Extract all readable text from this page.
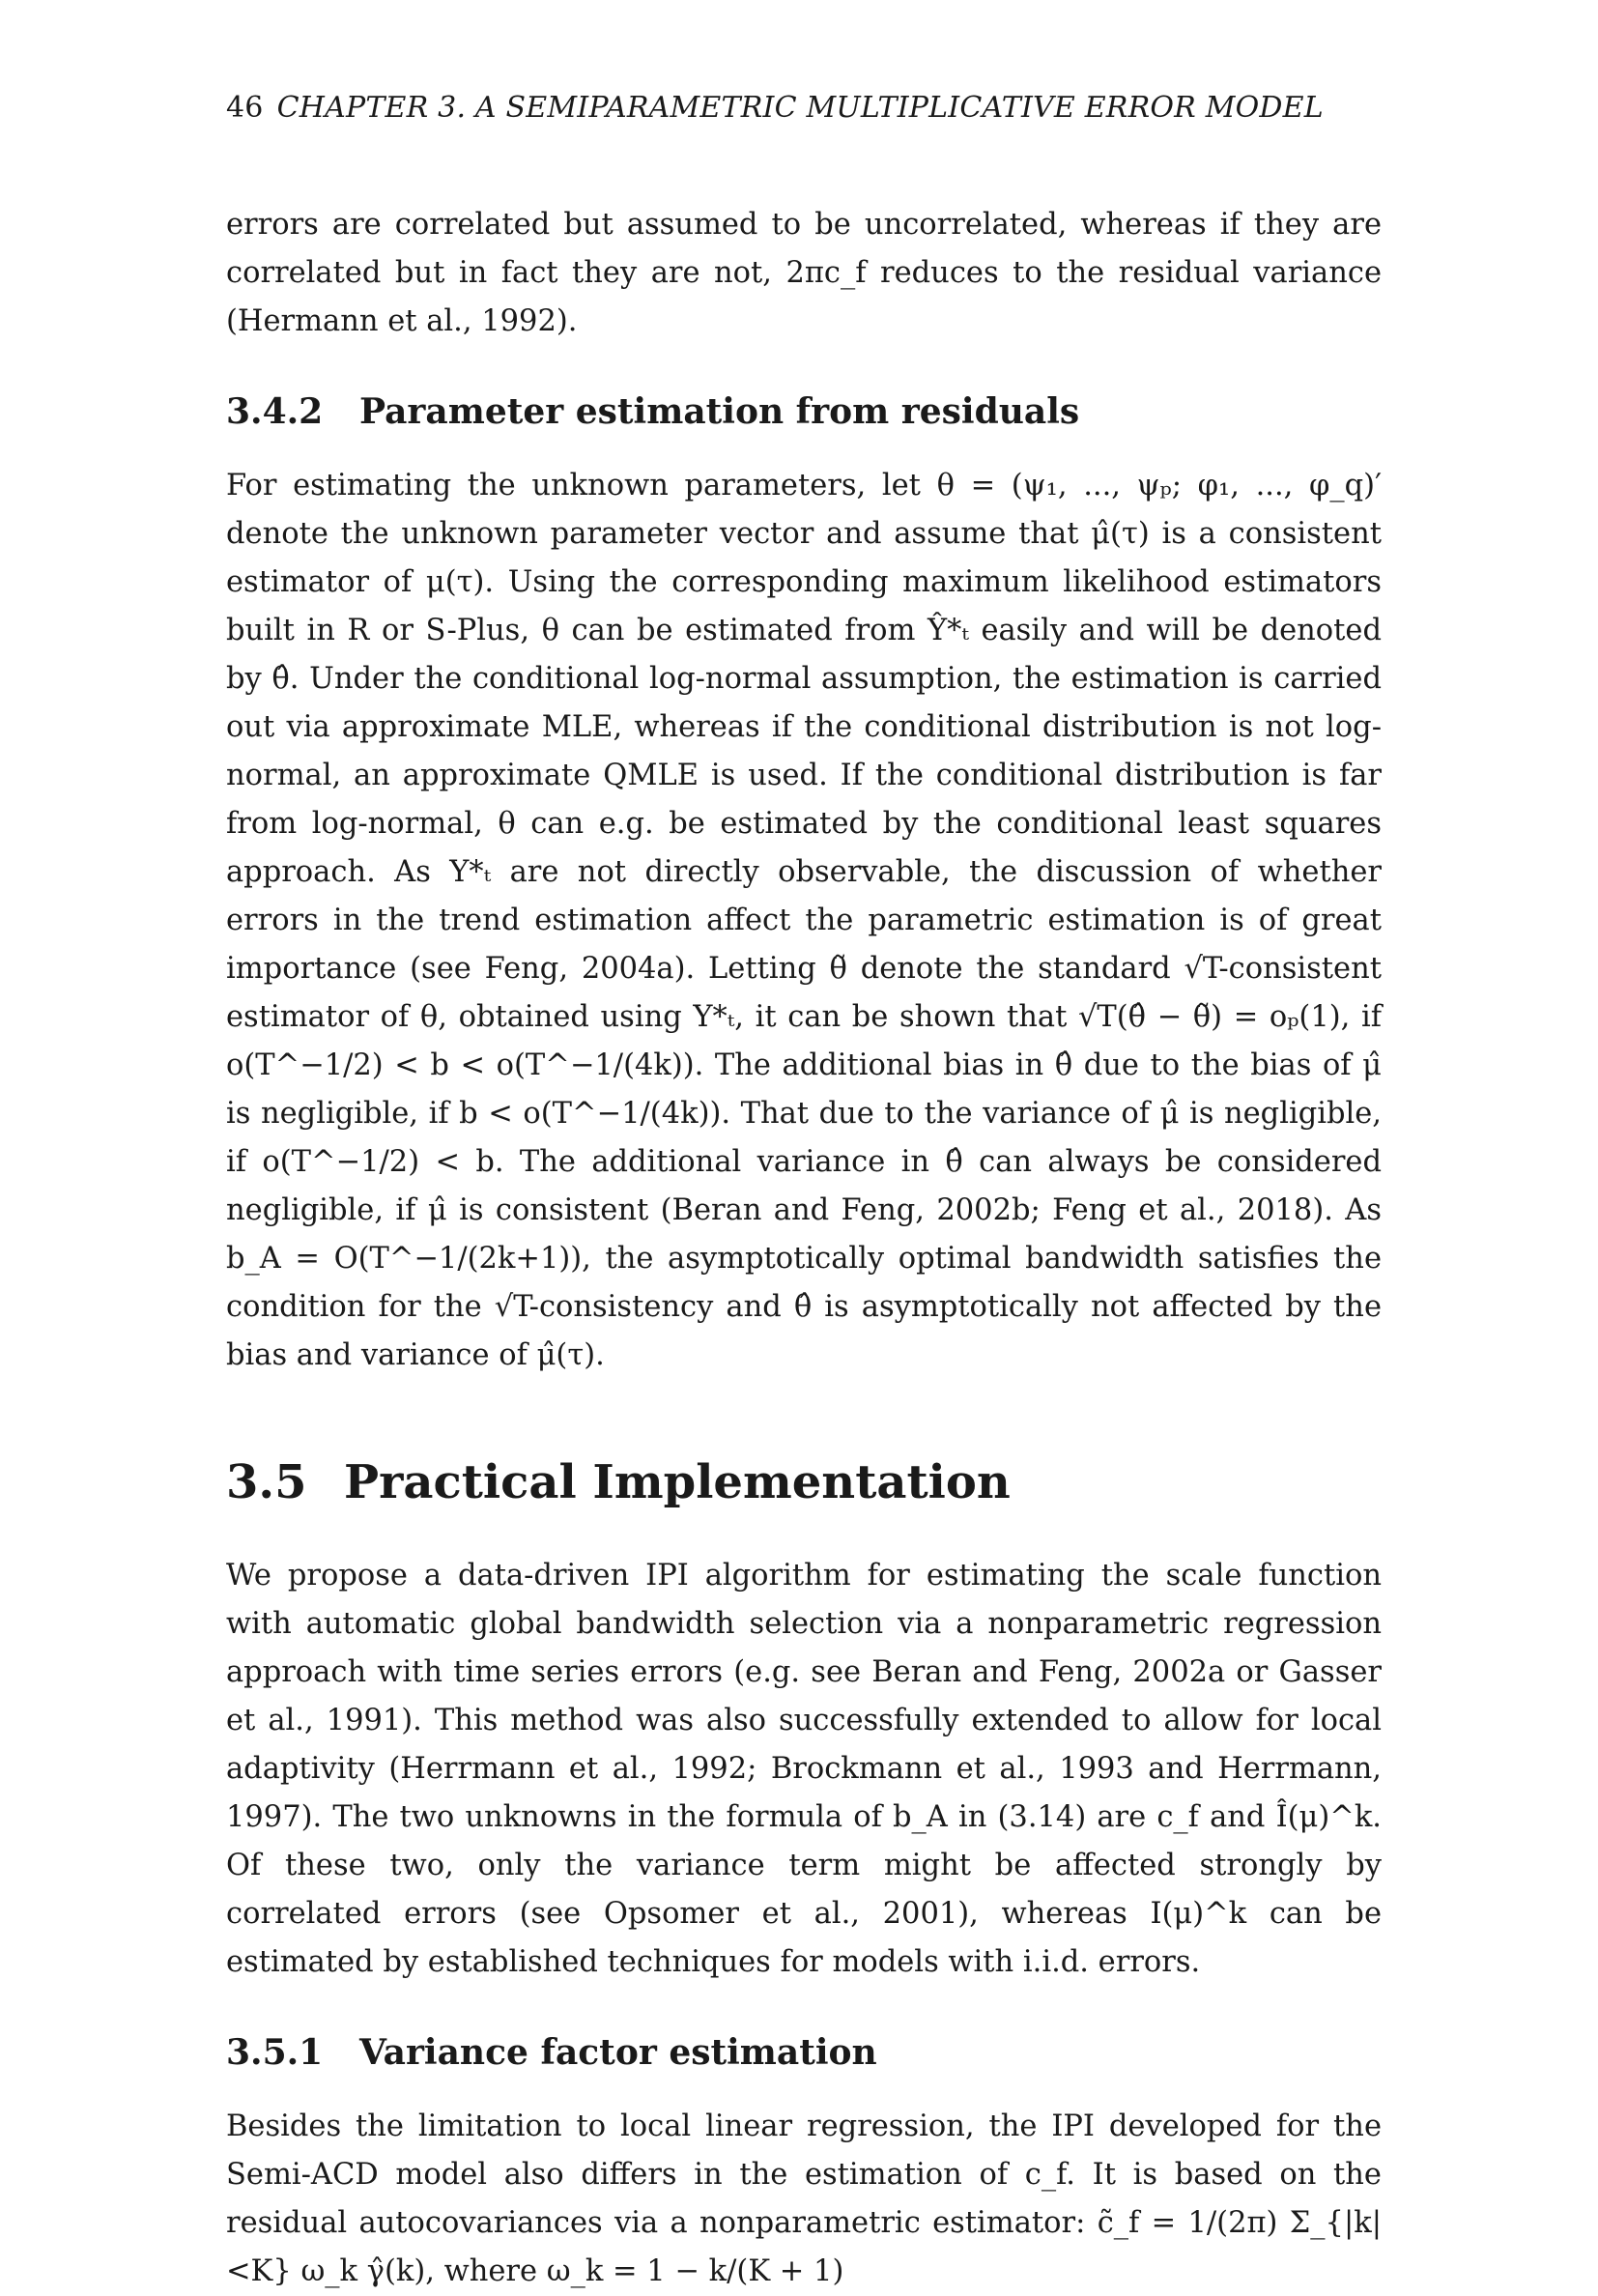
46 CHAPTER 3. A SEMIPARAMETRIC MULTIPLICATIVE ERROR MODEL

errors are correlated but assumed to be uncorrelated, whereas if they are correlated but in fact they are not, 2πc_f reduces to the residual variance (Hermann et al., 1992).

3.4.2	Parameter estimation from residuals

For estimating the unknown parameters, let θ = (ψ₁, ..., ψₚ; φ₁, ..., φ_q)′ denote the unknown parameter vector and assume that μ̂(τ) is a consistent estimator of μ(τ). Using the corresponding maximum likelihood estimators built in R or S-Plus, θ can be estimated from Ŷ*ₜ easily and will be denoted by θ̂. Under the conditional log-normal assumption, the estimation is carried out via approximate MLE, whereas if the conditional distribution is not log-normal, an approximate QMLE is used. If the conditional distribution is far from log-normal, θ can e.g. be estimated by the conditional least squares approach. As Y*ₜ are not directly observable, the discussion of whether errors in the trend estimation affect the parametric estimation is of great importance (see Feng, 2004a). Letting θ̃ denote the standard √T-consistent estimator of θ, obtained using Y*ₜ, it can be shown that √T(θ̂ − θ̃) = oₚ(1), if o(T^−1/2) < b < o(T^−1/(4k)). The additional bias in θ̂ due to the bias of μ̂ is negligible, if b < o(T^−1/(4k)). That due to the variance of μ̂ is negligible, if o(T^−1/2) < b. The additional variance in θ̂ can always be considered negligible, if μ̂ is consistent (Beran and Feng, 2002b; Feng et al., 2018). As b_A = O(T^−1/(2k+1)), the asymptotically optimal bandwidth satisfies the condition for the √T-consistency and θ̂ is asymptotically not affected by the bias and variance of μ̂(τ).

3.5 Practical Implementation

We propose a data-driven IPI algorithm for estimating the scale function with automatic global bandwidth selection via a nonparametric regression approach with time series errors (e.g. see Beran and Feng, 2002a or Gasser et al., 1991). This method was also successfully extended to allow for local adaptivity (Herrmann et al., 1992; Brockmann et al., 1993 and Herrmann, 1997). The two unknowns in the formula of b_A in (3.14) are c_f and Î(μ)^k. Of these two, only the variance term might be affected strongly by correlated errors (see Opsomer et al., 2001), whereas I(μ)^k can be estimated by established techniques for models with i.i.d. errors.

3.5.1	Variance factor estimation

Besides the limitation to local linear regression, the IPI developed for the Semi-ACD model also differs in the estimation of c_f. It is based on the residual autocovariances via a nonparametric estimator: c̃_f = 1/(2π) Σ_{|k|<K} ω_k γ̂(k), where ω_k = 1 − k/(K + 1)
